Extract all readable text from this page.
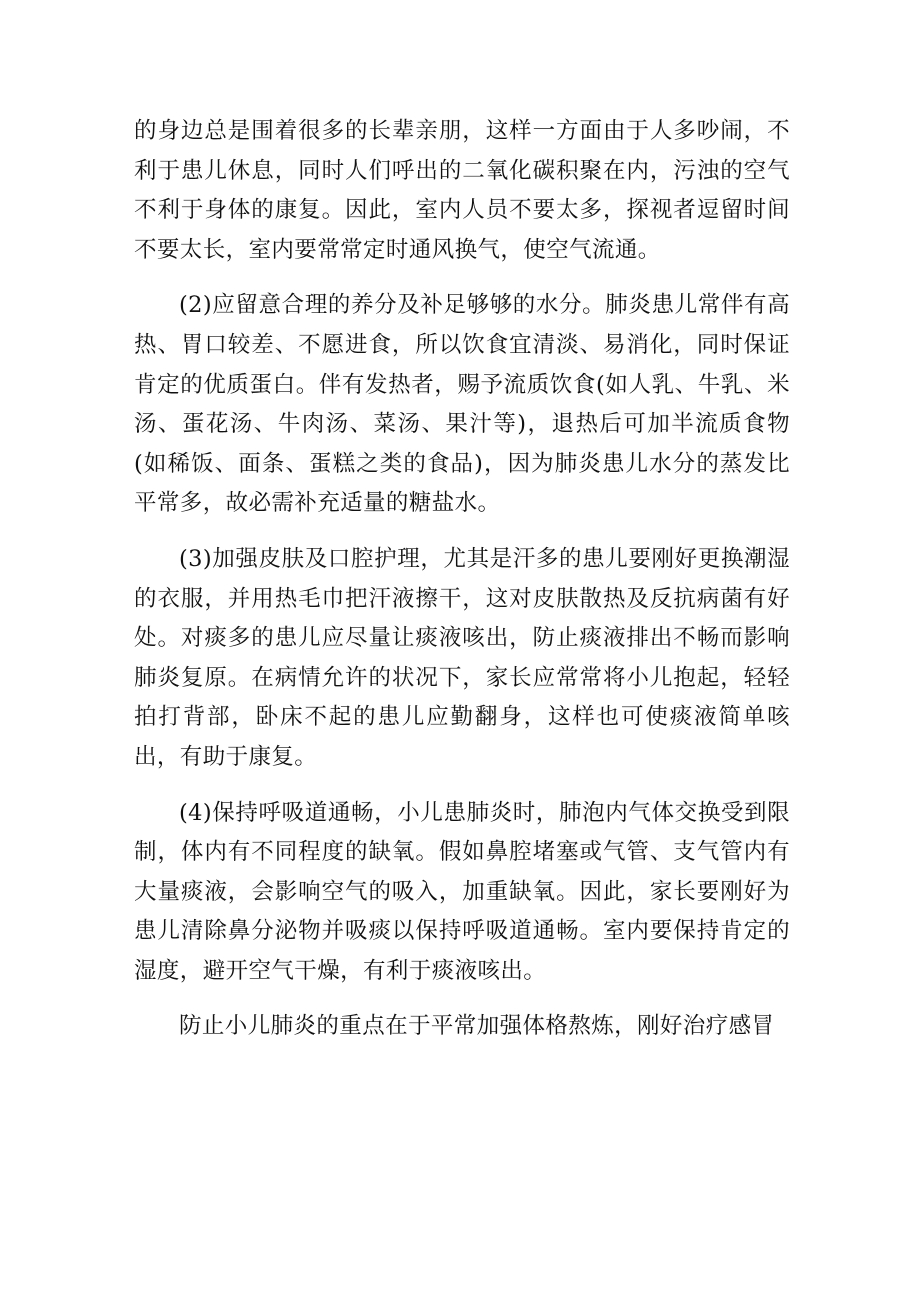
的身边总是围着很多的长辈亲朋，这样一方面由于人多吵闹，不利于患儿休息，同时人们呼出的二氧化碳积聚在内，污浊的空气不利于身体的康复。因此，室内人员不要太多，探视者逗留时间不要太长，室内要常常定时通风换气，使空气流通。

(2)应留意合理的养分及补足够够的水分。肺炎患儿常伴有高热、胃口较差、不愿进食，所以饮食宜清淡、易消化，同时保证肯定的优质蛋白。伴有发热者，赐予流质饮食(如人乳、牛乳、米汤、蛋花汤、牛肉汤、菜汤、果汁等)，退热后可加半流质食物(如稀饭、面条、蛋糕之类的食品)，因为肺炎患儿水分的蒸发比平常多，故必需补充适量的糖盐水。

(3)加强皮肤及口腔护理，尤其是汗多的患儿要刚好更换潮湿的衣服，并用热毛巾把汗液擦干，这对皮肤散热及反抗病菌有好处。对痰多的患儿应尽量让痰液咳出，防止痰液排出不畅而影响肺炎复原。在病情允许的状况下，家长应常常将小儿抱起，轻轻拍打背部，卧床不起的患儿应勤翻身，这样也可使痰液简单咳出，有助于康复。

(4)保持呼吸道通畅，小儿患肺炎时，肺泡内气体交换受到限制，体内有不同程度的缺氧。假如鼻腔堵塞或气管、支气管内有大量痰液，会影响空气的吸入，加重缺氧。因此，家长要刚好为患儿清除鼻分泌物并吸痰以保持呼吸道通畅。室内要保持肯定的湿度，避开空气干燥，有利于痰液咳出。

防止小儿肺炎的重点在于平常加强体格熬炼，刚好治疗感冒
